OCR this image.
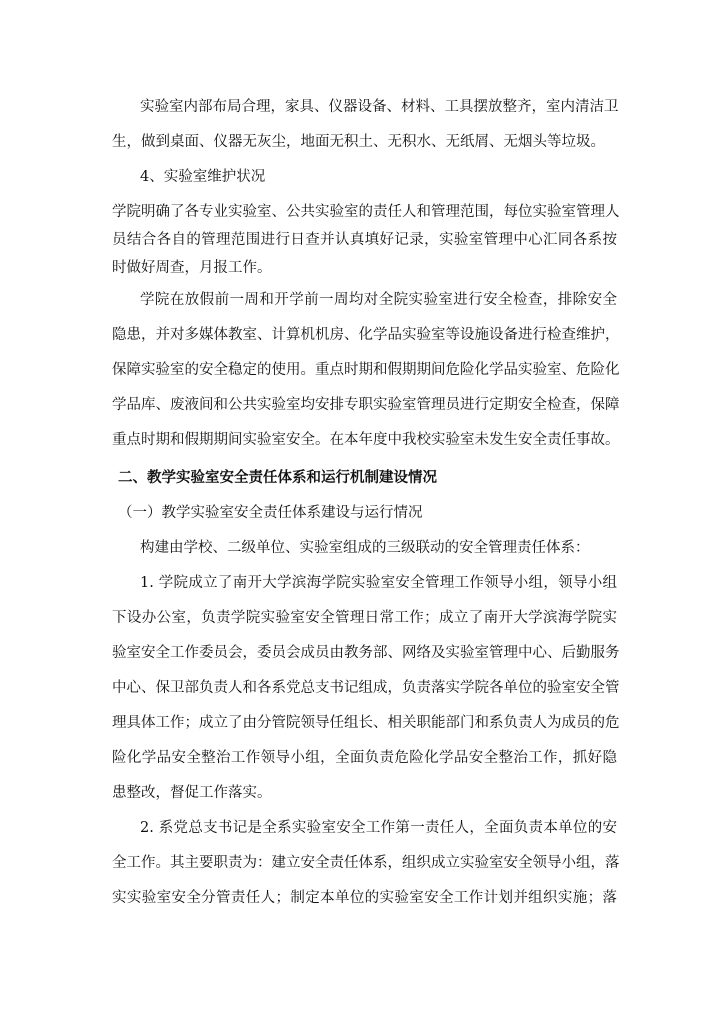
实验室内部布局合理，家具、仪器设备、材料、工具摆放整齐，室内清洁卫
生，做到桌面、仪器无灰尘，地面无积土、无积水、无纸屑、无烟头等垃圾。
4、实验室维护状况
学院明确了各专业实验室、公共实验室的责任人和管理范围，每位实验室管理人
员结合各自的管理范围进行日查并认真填好记录，实验室管理中心汇同各系按
时做好周查，月报工作。
学院在放假前一周和开学前一周均对全院实验室进行安全检查，排除安全
隐患，并对多媒体教室、计算机机房、化学品实验室等设施设备进行检查维护，
保障实验室的安全稳定的使用。重点时期和假期期间危险化学品实验室、危险化
学品库、废液间和公共实验室均安排专职实验室管理员进行定期安全检查，保障
重点时期和假期期间实验室安全。在本年度中我校实验室未发生安全责任事故。
二、教学实验室安全责任体系和运行机制建设情况
（一）教学实验室安全责任体系建设与运行情况
构建由学校、二级单位、实验室组成的三级联动的安全管理责任体系：
1. 学院成立了南开大学滨海学院实验室安全管理工作领导小组，领导小组
下设办公室，负责学院实验室安全管理日常工作；成立了南开大学滨海学院实
验室安全工作委员会，委员会成员由教务部、网络及实验室管理中心、后勤服务
中心、保卫部负责人和各系党总支书记组成，负责落实学院各单位的验室安全管
理具体工作；成立了由分管院领导任组长、相关职能部门和系负责人为成员的危
险化学品安全整治工作领导小组，全面负责危险化学品安全整治工作，抓好隐
患整改，督促工作落实。
2. 系党总支书记是全系实验室安全工作第一责任人，全面负责本单位的安
全工作。其主要职责为：建立安全责任体系，组织成立实验室安全领导小组，落
实实验室安全分管责任人；制定本单位的实验室安全工作计划并组织实施；落
